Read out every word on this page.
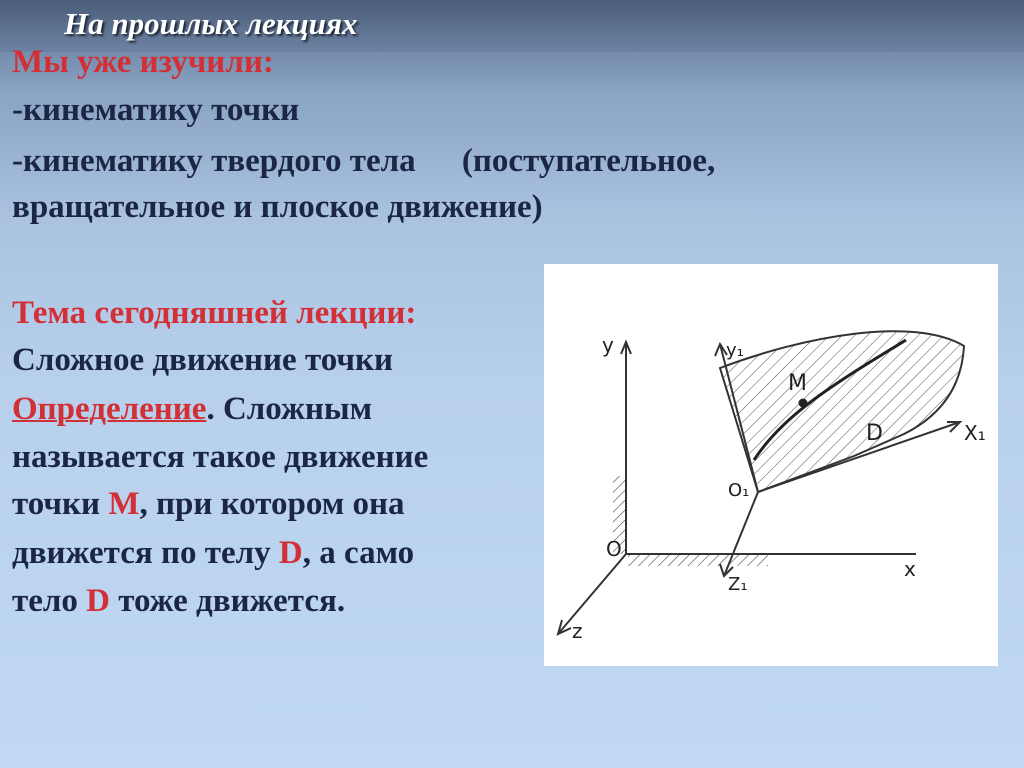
На прошлых лекциях
Мы уже изучили:
-кинематику точки
-кинематику твердого тела (поступательное,
вращательное и плоское движение)
Тема сегодняшней лекции:
Сложное движение точки
Определение. Сложным
называется такое движение
точки М, при котором она
движется по телу D, а само
тело D тоже движется.
y
x
z
O
O₁
y₁
X₁
Z₁
M
D
